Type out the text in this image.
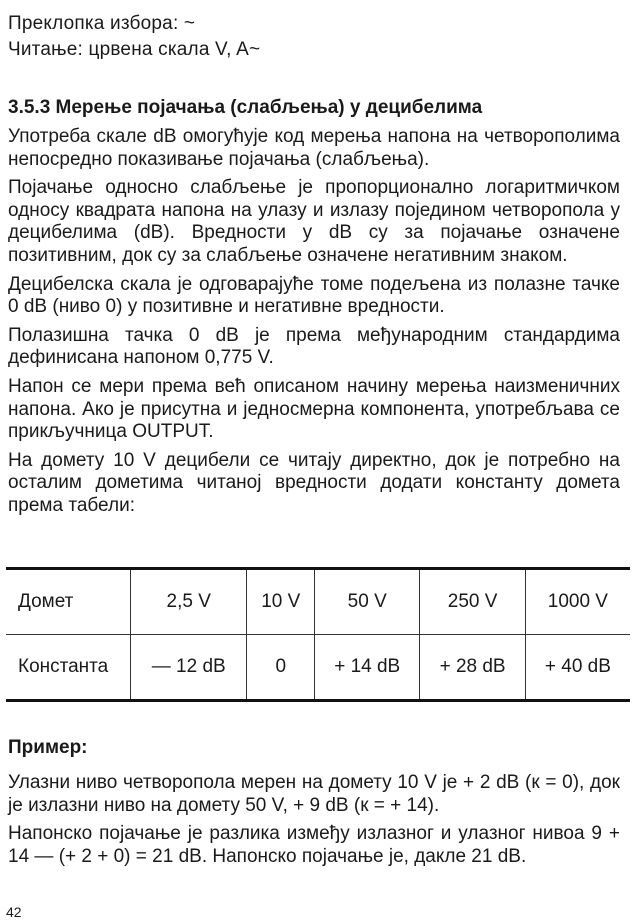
Преклопка избора: ~

Читање: црвена скала V, A~

3.5.3 Мерење појачања (слабљења) у децибелима

Употреба скале dB омогућује код мерења напона на четворополима непосредно показивање појачања (слабљења).

Појачање односно слабљење је пропорционално логаритмичком односу квадрата напона на улазу и излазу поједином четворопола у децибелима (dB). Вредности у dB су за појачање означене позитивним, док су за слабљење означене негативним знаком.

Децибелска скала је одговарајуће томе подељена из полазне тачке 0 dB (ниво 0) у позитивне и негативне вредности.

Полазишна тачка 0 dB је према међународним стандардима дефинисана напоном 0,775 V.

Напон се мери према већ описаном начину мерења наизменичних напона. Ако је присутна и једносмерна компонента, употребљава се прикључница OUTPUT.

На домету 10 V децибели се читају директно, док је потребно на осталим дометима читаној вредности додати константу домета према табели:

Домет	2,5 V	10 V	50 V	250 V	1000 V
Константа	— 12 dB	0	+ 14 dB	+ 28 dB	+ 40 dB

Пример:

Улазни ниво четворопола мерен на домету 10 V je + 2 dB (к = 0), док је излазни ниво на домету 50 V, + 9 dB (к = + 14).

Напонско појачање је разлика између излазног и улазног нивоа 9 + 14 — (+ 2 + 0) = 21 dB. Напонско појачање је, дакле 21 dB.

42
